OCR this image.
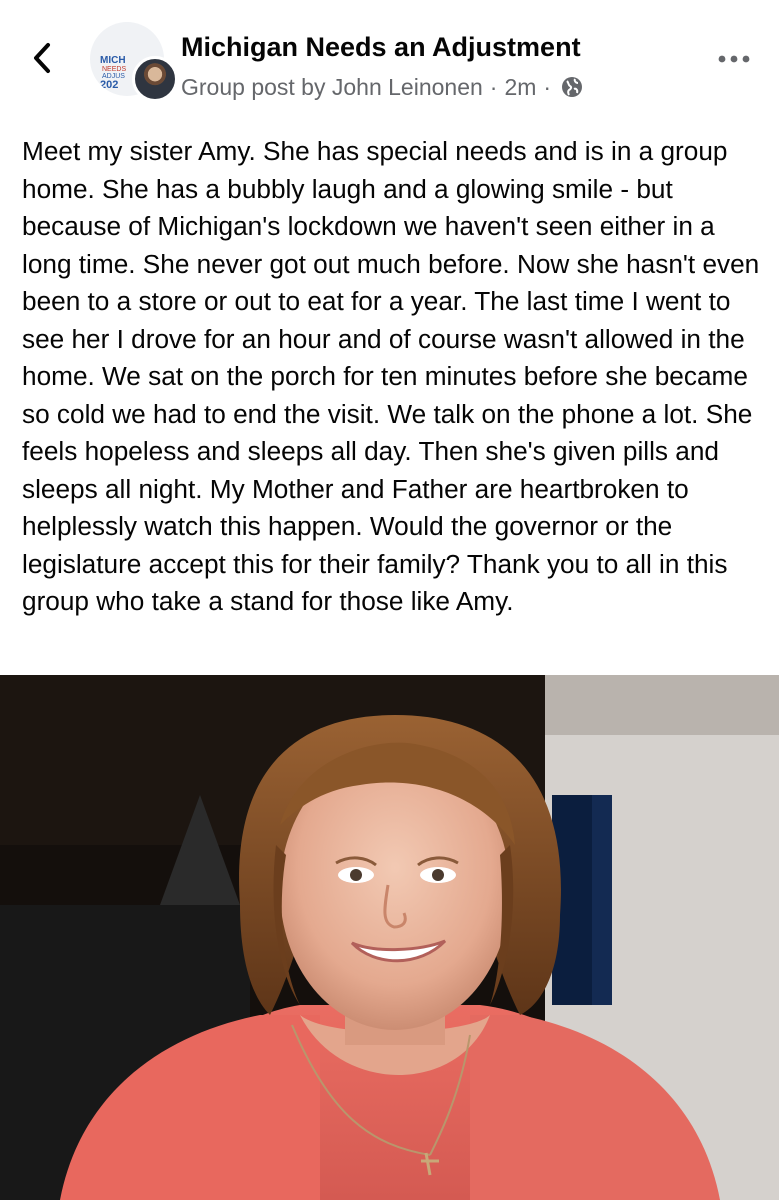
MICH
NEEDS
ADJUS
202
Michigan Needs an Adjustment
Group post by
John Leinonen · 2m ·
Meet my sister Amy. She has special needs and is in a group home. She has a bubbly laugh and a glowing smile - but because of Michigan's lockdown we haven't seen either in a long time. She never got out much before. Now she hasn't even been to a store or out to eat for a year. The last time I went to see her I drove for an hour and of course wasn't allowed in the home. We sat on the porch for ten minutes before she became so cold we had to end the visit. We talk on the phone a lot. She feels hopeless and sleeps all day. Then she's given pills and sleeps all night. My Mother and Father are heartbroken to helplessly watch this happen. Would the governor or the legislature accept this for their family? Thank you to all in this group who take a stand for those like Amy.
